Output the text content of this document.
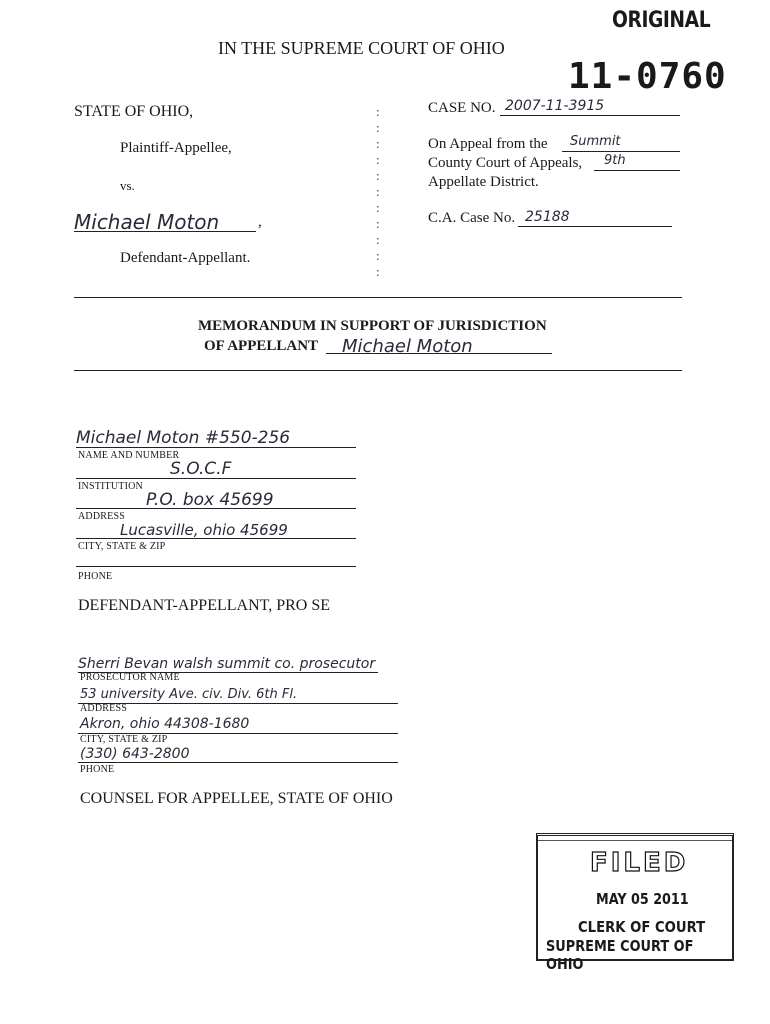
ORIGINAL
IN THE SUPREME COURT OF OHIO
11-0760
STATE OF OHIO,
Plaintiff-Appellee,
vs.
Michael Moton	,
Defendant-Appellant.
:
:
:
:
:
:
:
:
:
:
:
CASE NO. 2007-11-3915
On Appeal from the Summit
County Court of Appeals, 9th
Appellate District.
C.A. Case No. 25188
MEMORANDUM IN SUPPORT OF JURISDICTION
OF APPELLANT Michael Moton
Michael Moton #550-256
NAME AND NUMBER
S.O.C.F
INSTITUTION
P.O. box 45699
ADDRESS
Lucasville, ohio 45699
CITY, STATE & ZIP
PHONE
DEFENDANT-APPELLANT, PRO SE
Sherri Bevan walsh summit co. prosecutor
PROSECUTOR NAME
53 university Ave. civ. Div. 6th Fl.
ADDRESS
Akron, ohio 44308-1680
CITY, STATE & ZIP
(330) 643-2800
PHONE
COUNSEL FOR APPELLEE, STATE OF OHIO
FILED
MAY 05 2011
CLERK OF COURT
SUPREME COURT OF OHIO
